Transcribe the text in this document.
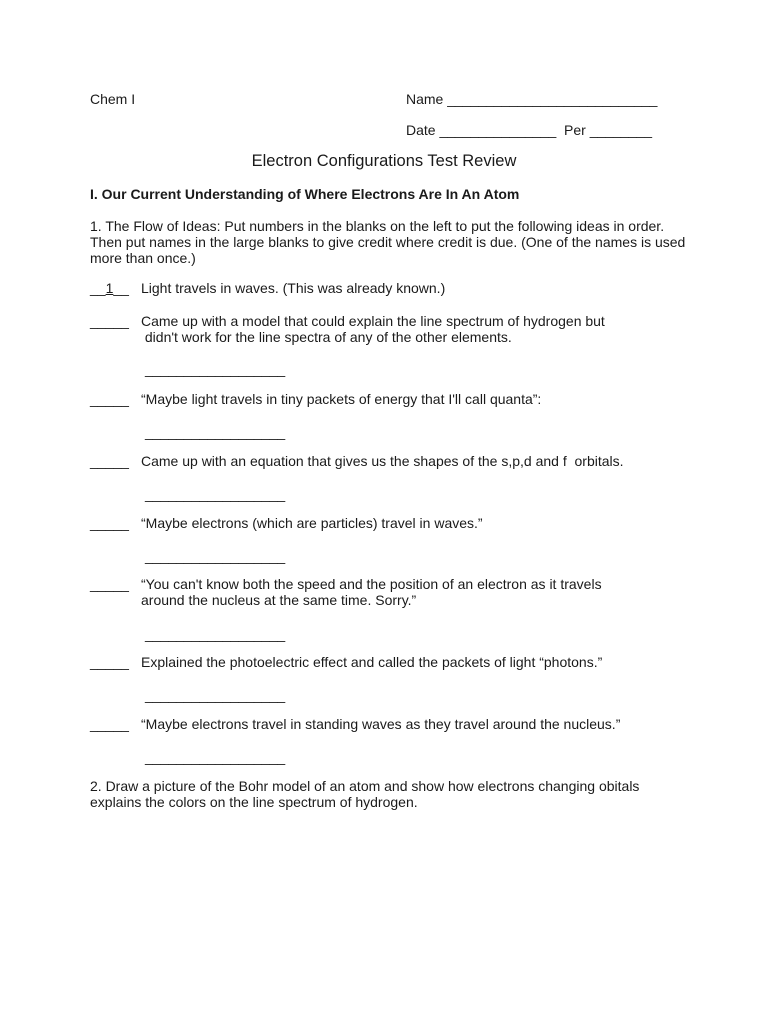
Chem I	Name ___________________________
Date _______________  Per ________
Electron Configurations Test Review
I. Our Current Understanding of Where Electrons Are In An Atom
1. The Flow of Ideas: Put numbers in the blanks on the left to put the following ideas in order. Then put names in the large blanks to give credit where credit is due. (One of the names is used more than once.)
__1__ Light travels in waves. (This was already known.)
_____ Came up with a model that could explain the line spectrum of hydrogen but
didn't work for the line spectra of any of the other elements.
__________________
_____ “Maybe light travels in tiny packets of energy that I'll call quanta”:
__________________
_____ Came up with an equation that gives us the shapes of the s,p,d and f  orbitals.
__________________
_____ “Maybe electrons (which are particles) travel in waves.”
__________________
_____ “You can't know both the speed and the position of an electron as it travels
around the nucleus at the same time. Sorry.”
__________________
_____ Explained the photoelectric effect and called the packets of light “photons.”
__________________
_____ “Maybe electrons travel in standing waves as they travel around the nucleus.”
__________________
2. Draw a picture of the Bohr model of an atom and show how electrons changing obitals explains the colors on the line spectrum of hydrogen.
